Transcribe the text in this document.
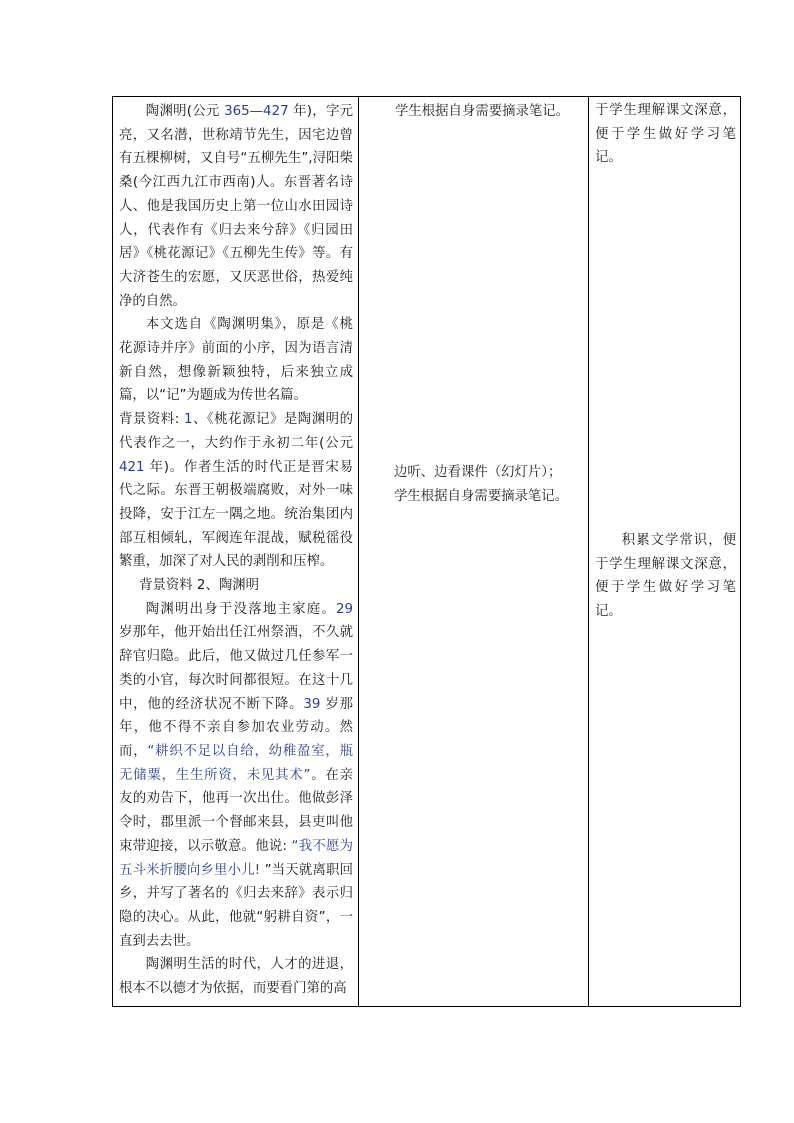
陶渊明(公元 365—427 年)，字元亮，又名潜，世称靖节先生，因宅边曾有五棵柳树，又自号“五柳先生”,浔阳柴桑(今江西九江市西南)人。东晋著名诗人、他是我国历史上第一位山水田园诗人，代表作有《归去来兮辞》《归园田居》《桃花源记》《五柳先生传》等。有大济苍生的宏愿，又厌恶世俗，热爱纯净的自然。

本文选自《陶渊明集》，原是《桃花源诗并序》前面的小序，因为语言清新自然，想像新颖独特，后来独立成篇，以“记”为题成为传世名篇。

背景资料: 1、《桃花源记》是陶渊明的代表作之一，大约作于永初二年(公元 421 年)。作者生活的时代正是晋宋易代之际。东晋王朝极端腐败，对外一味投降，安于江左一隅之地。统治集团内部互相倾轧，军阀连年混战，赋税徭役繁重，加深了对人民的剥削和压榨。

背景资料 2、陶渊明

陶渊明出身于没落地主家庭。29 岁那年，他开始出任江州祭酒，不久就辞官归隐。此后，他又做过几任参军一类的小官，每次时间都很短。在这十几中，他的经济状况不断下降。39 岁那年，他不得不亲自参加农业劳动。然而，“耕织不足以自给，幼稚盈室，瓶无储粟，生生所资，未见其术”。在亲友的劝告下，他再一次出仕。他做彭泽令时，郡里派一个督邮来县，县吏叫他束带迎接，以示敬意。他说: “我不愿为五斗米折腰向乡里小儿! ”当天就离职回乡，并写了著名的《归去来辞》表示归隐的决心。从此，他就“躬耕自资”，一直到去去世。

陶渊明生活的时代，人才的进退，根本不以德才为依据，而要看门第的高

学生根据自身需要摘录笔记。

边听、边看课件（幻灯片）；

学生根据自身需要摘录笔记。

于学生理解课文深意，便于学生做好学习笔记。

积累文学常识，便于学生理解课文深意，便于学生做好学习笔记。
